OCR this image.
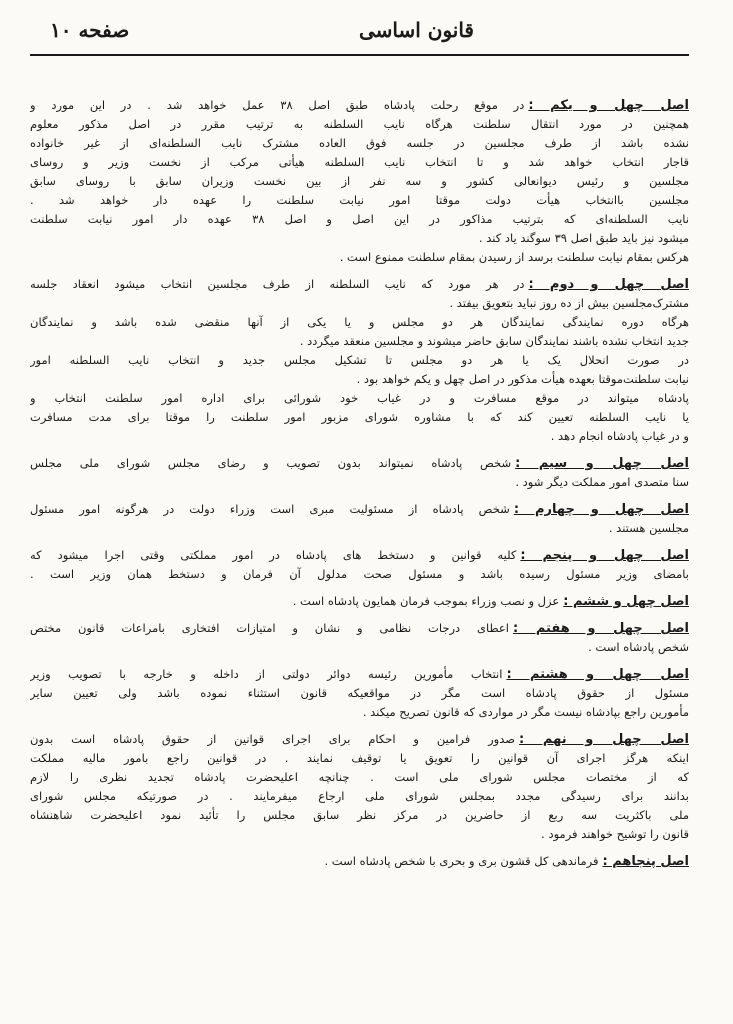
قانون اساسی
صفحه ۱۰
اصل چهل و یکم :در موقع رحلت پادشاه طبق اصل ۳۸ عمل خواهد شد . در این مورد و
همچنین در مورد انتقال سلطنت هرگاه نایب السلطنه به ترتیب مقرر در اصل مذکور معلوم
نشده باشد از طرف مجلسین در جلسه فوق العاده مشترک نایب السلطنه‌ای از غیر خانواده
قاجار انتخاب خواهد شد و تا انتخاب نایب السلطنه هیأتی مرکب از نخست وزیر و روسای
مجلسین و رئیس دیوانعالی کشور و سه نفر از بین نخست وزیران سابق با روسای سابق
مجلسین باانتخاب هیأت دولت موقتا امور نیابت سلطنت را عهده دار خواهد شد .
نایب السلطنه‌ای که بترتیب مذاکور در این اصل و اصل ۳۸ عهده دار امور نیابت سلطنت
میشود نیز باید طبق اصل ۳۹ سوگند یاد کند .
هرکس بمقام نیابت سلطنت برسد از رسیدن بمقام سلطنت ممنوع است .
اصل چهل و دوم :در هر مورد که نایب السلطنه از طرف مجلسین انتخاب میشود انعقاد جلسه
مشترک‌مجلسین بیش از ده روز نباید بتعویق بیفتد .
هرگاه دوره نمایندگی نمایندگان هر دو مجلس و یا یکی از آنها منقضی شده باشد و نمایندگان
جدید انتخاب نشده باشند نمایندگان سابق حاضر میشوند و مجلسین منعقد میگردد .
در صورت انحلال یک یا هر دو مجلس تا تشکیل مجلس جدید و انتخاب نایب السلطنه امور
نیابت سلطنت‌موقتا بعهده هیأت مذکور در اصل چهل و یکم خواهد بود .
پادشاه میتواند در موقع مسافرت و در غیاب خود شورائی برای اداره امور سلطنت انتخاب و
یا نایب السلطنه تعیین کند که با مشاوره شورای مزبور امور سلطنت را موقتا برای مدت مسافرت
و در غیاب پادشاه انجام دهد .
اصل چهل و سیم :شخص پادشاه نمیتواند بدون تصویب و رضای مجلس شورای ملی مجلس
سنا متصدی امور مملکت دیگر شود .
اصل چهل و چهارم :شخص پادشاه از مسئولیت مبری است وزراء دولت در هرگونه امور مسئول
مجلسین هستند .
اصل چهل و پنجم :کلیه قوانین و دستخط های پادشاه در امور مملکتی وقتی اجرا میشود که
بامضای وزیر مسئول رسیده باشد و مسئول صحت مدلول آن فرمان و دستخط همان وزیر است .
اصل چهل و ششم :عزل و نصب وزراء بموجب فرمان همایون پادشاه است .
اصل چهل و هفتم :اعطای درجات نظامی و نشان و امتیازات افتخاری بامراعات قانون مختص
شخص پادشاه است .
اصل چهل و هشتم :انتخاب مأمورین رئیسه دوائر دولتی از داخله و خارجه با تصویب وزیر
مسئول از حقوق پادشاه است مگر در مواقعیکه قانون استثناء نموده باشد ولی تعیین سایر
مأمورین راجع بپادشاه نیست مگر در مواردی که قانون تصریح میکند .
اصل چهل و نهم :صدور فرامین و احکام برای اجرای قوانین از حقوق پادشاه است بدون
اینکه هرگز اجرای آن قوانین را تعویق یا توقیف نمایند . در قوانین راجع بامور مالیه مملکت
که از مختصات مجلس شورای ملی است . چنانچه اعلیحضرت پادشاه تجدید نظری را لازم
بدانند برای رسیدگی مجدد بمجلس شورای ملی ارجاع میفرمایند . در صورتیکه مجلس شورای
ملی باکثریت سه ربع از حاضرین در مرکز نظر سابق مجلس را تأئید نمود اعلیحضرت شاهنشاه
قانون را توشیح خواهند فرمود .
اصل پنجاهم :فرماندهی کل قشون بری و بحری با شخص پادشاه است .
